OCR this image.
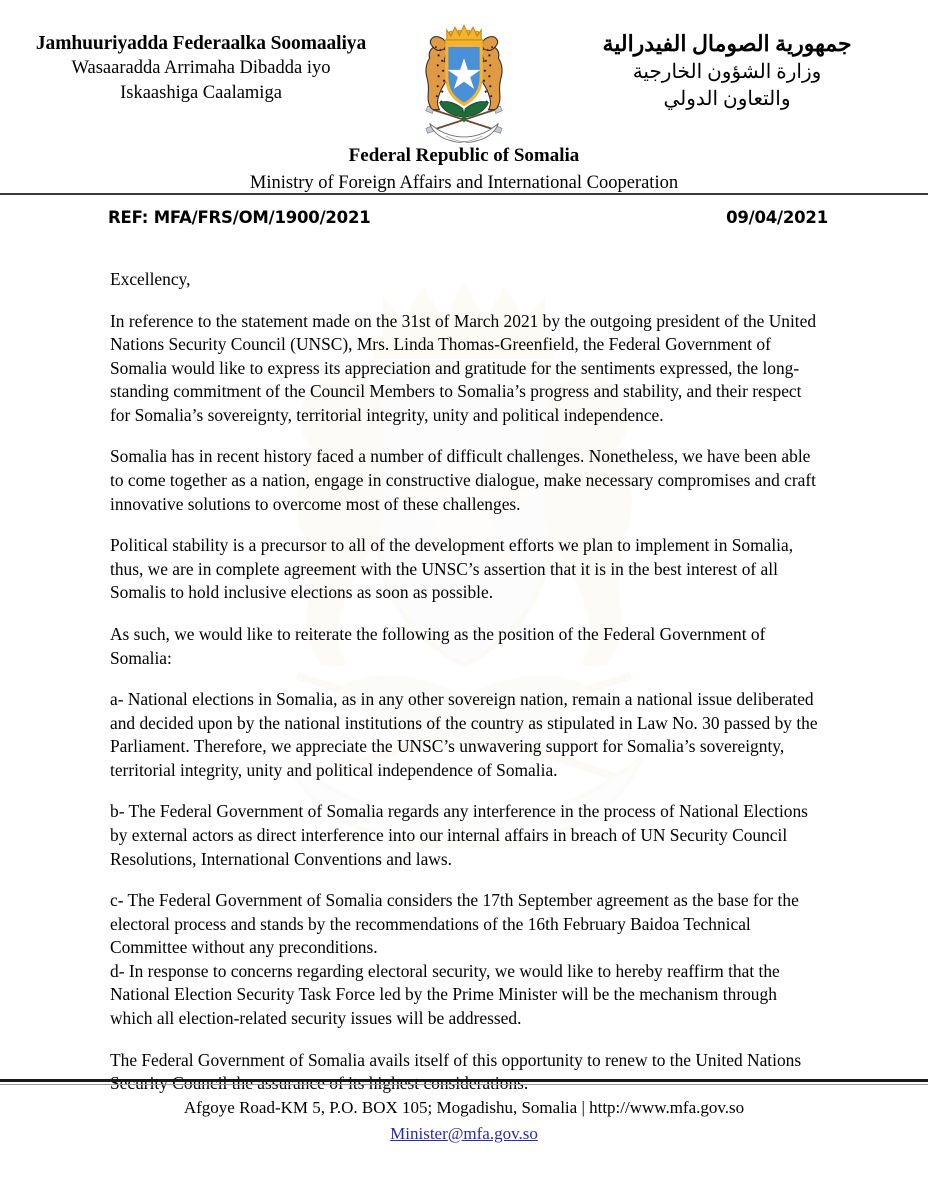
Jamhuuriyadda Federaalka Soomaaliya
Wasaaradda Arrimaha Dibadda iyo
Iskaashiga Caalamiga
جمهورية الصومال الفيدرالية
وزارة الشؤون الخارجية
والتعاون الدولي
Federal Republic of Somalia
Ministry of Foreign Affairs and International Cooperation
REF: MFA/FRS/OM/1900/2021	09/04/2021

Excellency,

In reference to the statement made on the 31st of March 2021 by the outgoing president of the United Nations Security Council (UNSC), Mrs. Linda Thomas-Greenfield, the Federal Government of Somalia would like to express its appreciation and gratitude for the sentiments expressed, the long-standing commitment of the Council Members to Somalia’s progress and stability, and their respect for Somalia’s sovereignty, territorial integrity, unity and political independence.

Somalia has in recent history faced a number of difficult challenges. Nonetheless, we have been able to come together as a nation, engage in constructive dialogue, make necessary compromises and craft innovative solutions to overcome most of these challenges.

Political stability is a precursor to all of the development efforts we plan to implement in Somalia, thus, we are in complete agreement with the UNSC’s assertion that it is in the best interest of all Somalis to hold inclusive elections as soon as possible.

As such, we would like to reiterate the following as the position of the Federal Government of Somalia:

a- National elections in Somalia, as in any other sovereign nation, remain a national issue deliberated and decided upon by the national institutions of the country as stipulated in Law No. 30 passed by the Parliament. Therefore, we appreciate the UNSC’s unwavering support for Somalia’s sovereignty, territorial integrity, unity and political independence of Somalia.

b- The Federal Government of Somalia regards any interference in the process of National Elections by external actors as direct interference into our internal affairs in breach of UN Security Council Resolutions, International Conventions and laws.

c- The Federal Government of Somalia considers the 17th September agreement as the base for the electoral process and stands by the recommendations of the 16th February Baidoa Technical Committee without any preconditions.

d- In response to concerns regarding electoral security, we would like to hereby reaffirm that the National Election Security Task Force led by the Prime Minister will be the mechanism through which all election-related security issues will be addressed.

The Federal Government of Somalia avails itself of this opportunity to renew to the United Nations Security Council the assurance of its highest considerations.

Afgoye Road-KM 5, P.O. BOX 105; Mogadishu, Somalia | http://www.mfa.gov.so
Minister@mfa.gov.so
